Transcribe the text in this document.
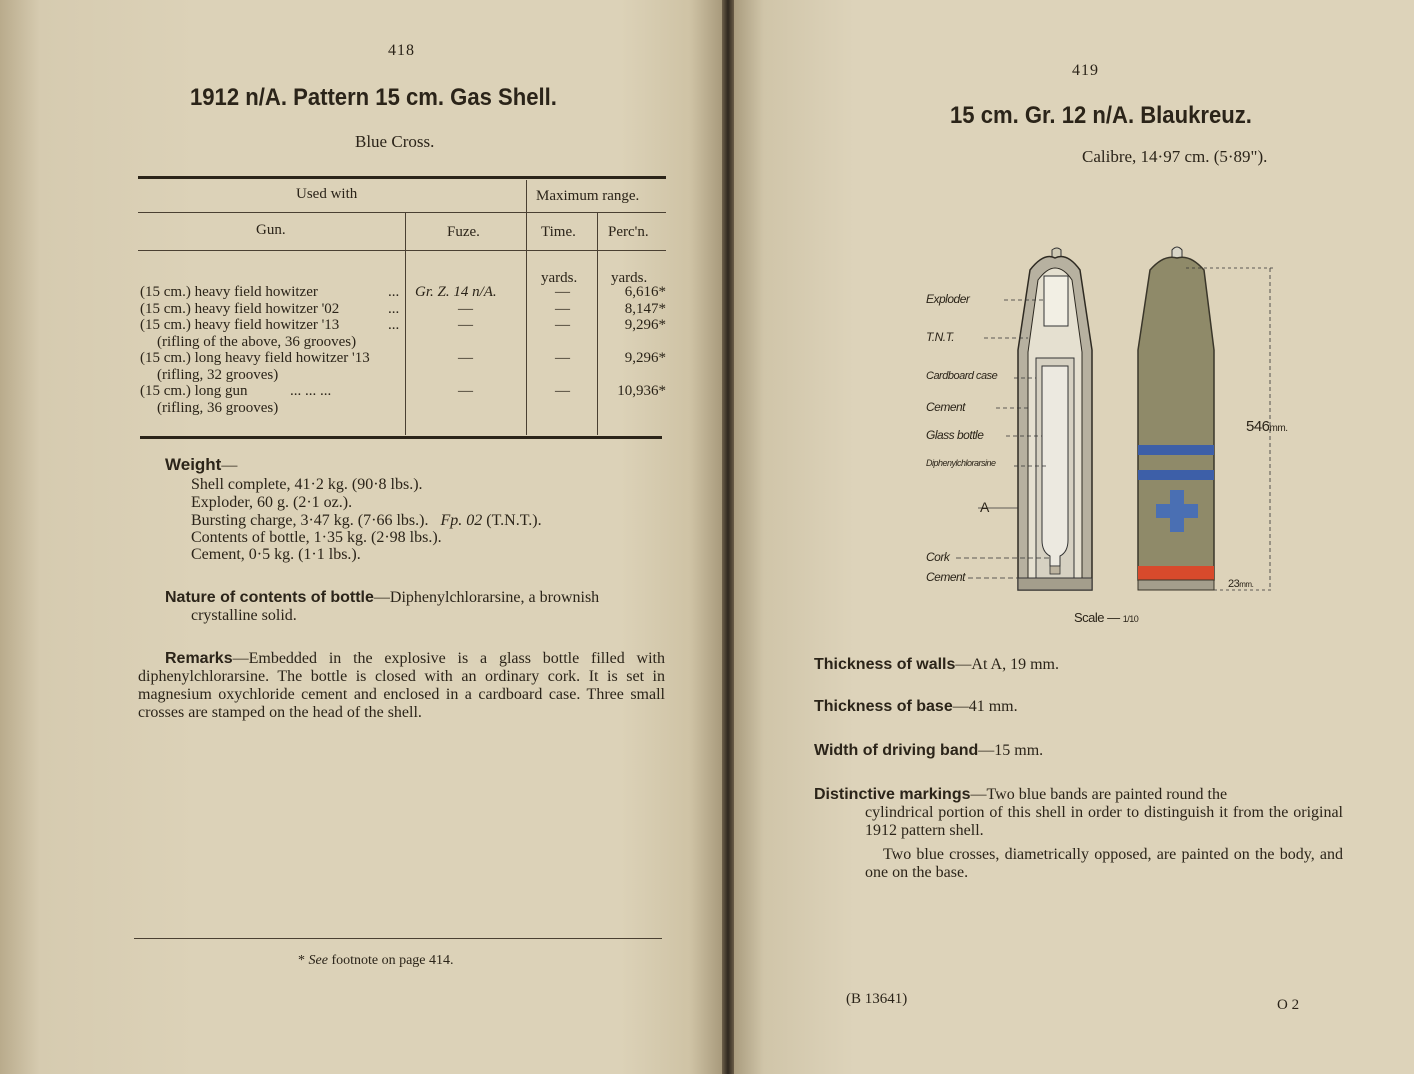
418
1912 n/A. Pattern 15 cm. Gas Shell.
Blue Cross.
Used with	Maximum range.
Gun.	Fuze.	Time. Perc'n.
yards. yards.
(15 cm.) heavy field howitzer	... Gr. Z. 14 n/A.	—	6,616*
(15 cm.) heavy field howitzer '02	...	—	—	8,147*
(15 cm.) heavy field howitzer '13	...	—	—	9,296*
(rifling of the above, 36 grooves)
(15 cm.) long heavy field howitzer '13	—	—	9,296*
(rifling, 32 grooves)
(15 cm.) long gun	... ... ...	—	—	10,936*
(rifling, 36 grooves)
Weight—
Shell complete, 41·2 kg. (90·8 lbs.).
Exploder, 60 g. (2·1 oz.).
Bursting charge, 3·47 kg. (7·66 lbs.). Fp. 02 (T.N.T.).
Contents of bottle, 1·35 kg. (2·98 lbs.).
Cement, 0·5 kg. (1·1 lbs.).
Nature of contents of bottle—Diphenylchlorarsine, a brownish
crystalline solid.
Remarks—Embedded in the explosive is a glass bottle filled with diphenylchlorarsine. The bottle is closed with an ordinary cork. It is set in magnesium oxychloride cement and enclosed in a cardboard case. Three small crosses are stamped on the head of the shell.
* See footnote on page 414.
419
15 cm. Gr. 12 n/A. Blaukreuz.
Calibre, 14·97 cm. (5·89").
Exploder
T.N.T.
Cardboard case
Cement
Glass bottle
Diphenylchlorarsine
A
Cork
Cement
546mm.
23mm.
Scale — 1/10
Thickness of walls—At A, 19 mm.
Thickness of base—41 mm.
Width of driving band—15 mm.
Distinctive markings—Two blue bands are painted round the
cylindrical portion of this shell in order to distinguish it from the original 1912 pattern shell.
Two blue crosses, diametrically opposed, are painted on the body, and one on the base.
(B 13641)	O 2
